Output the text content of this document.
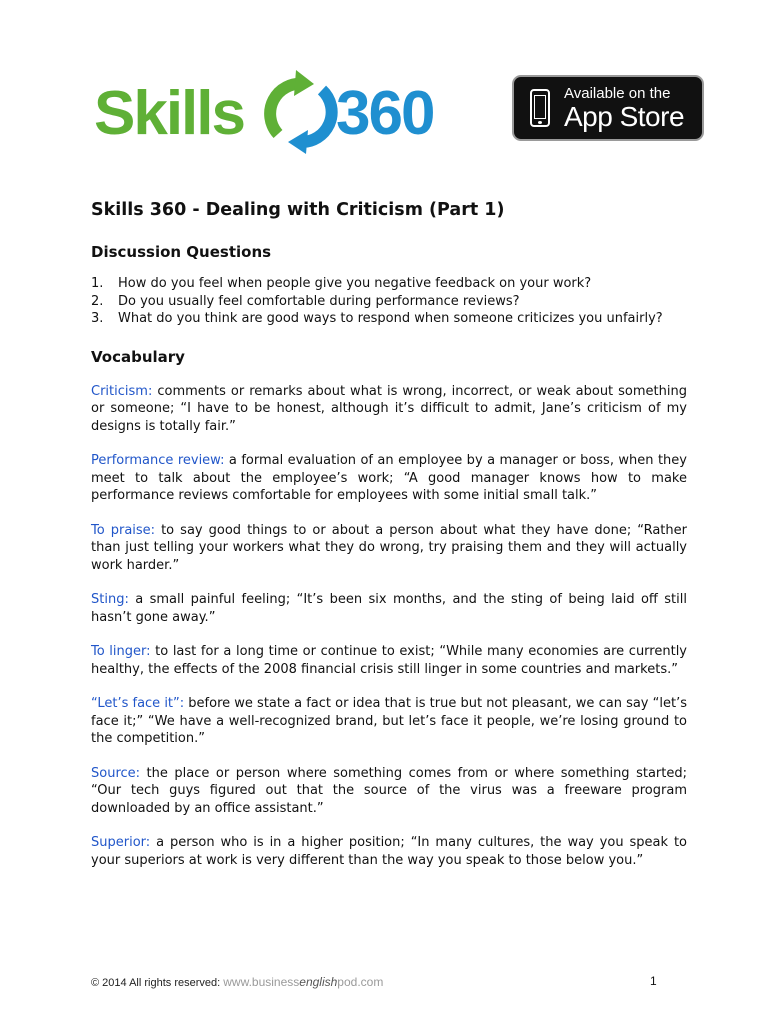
Skills 360	Available on the
App Store
Skills 360 - Dealing with Criticism (Part 1)
Discussion Questions
1. How do you feel when people give you negative feedback on your work?
2. Do you usually feel comfortable during performance reviews?
3. What do you think are good ways to respond when someone criticizes you unfairly?
Vocabulary

Criticism: comments or remarks about what is wrong, incorrect, or weak about something or someone; “I have to be honest, although it’s difficult to admit, Jane’s criticism of my designs is totally fair.”

Performance review: a formal evaluation of an employee by a manager or boss, when they meet to talk about the employee’s work; “A good manager knows how to make performance reviews comfortable for employees with some initial small talk.”

To praise: to say good things to or about a person about what they have done; “Rather than just telling your workers what they do wrong, try praising them and they will actually work harder.”

Sting: a small painful feeling; “It’s been six months, and the sting of being laid off still hasn’t gone away.”

To linger: to last for a long time or continue to exist; “While many economies are currently healthy, the effects of the 2008 financial crisis still linger in some countries and markets.”

“Let’s face it”: before we state a fact or idea that is true but not pleasant, we can say “let’s face it;” “We have a well-recognized brand, but let’s face it people, we’re losing ground to the competition.”

Source: the place or person where something comes from or where something started; “Our tech guys figured out that the source of the virus was a freeware program downloaded by an office assistant.”

Superior: a person who is in a higher position; “In many cultures, the way you speak to your superiors at work is very different than the way you speak to those below you.”

© 2014 All rights reserved: www.businessenglishpod.com	1
